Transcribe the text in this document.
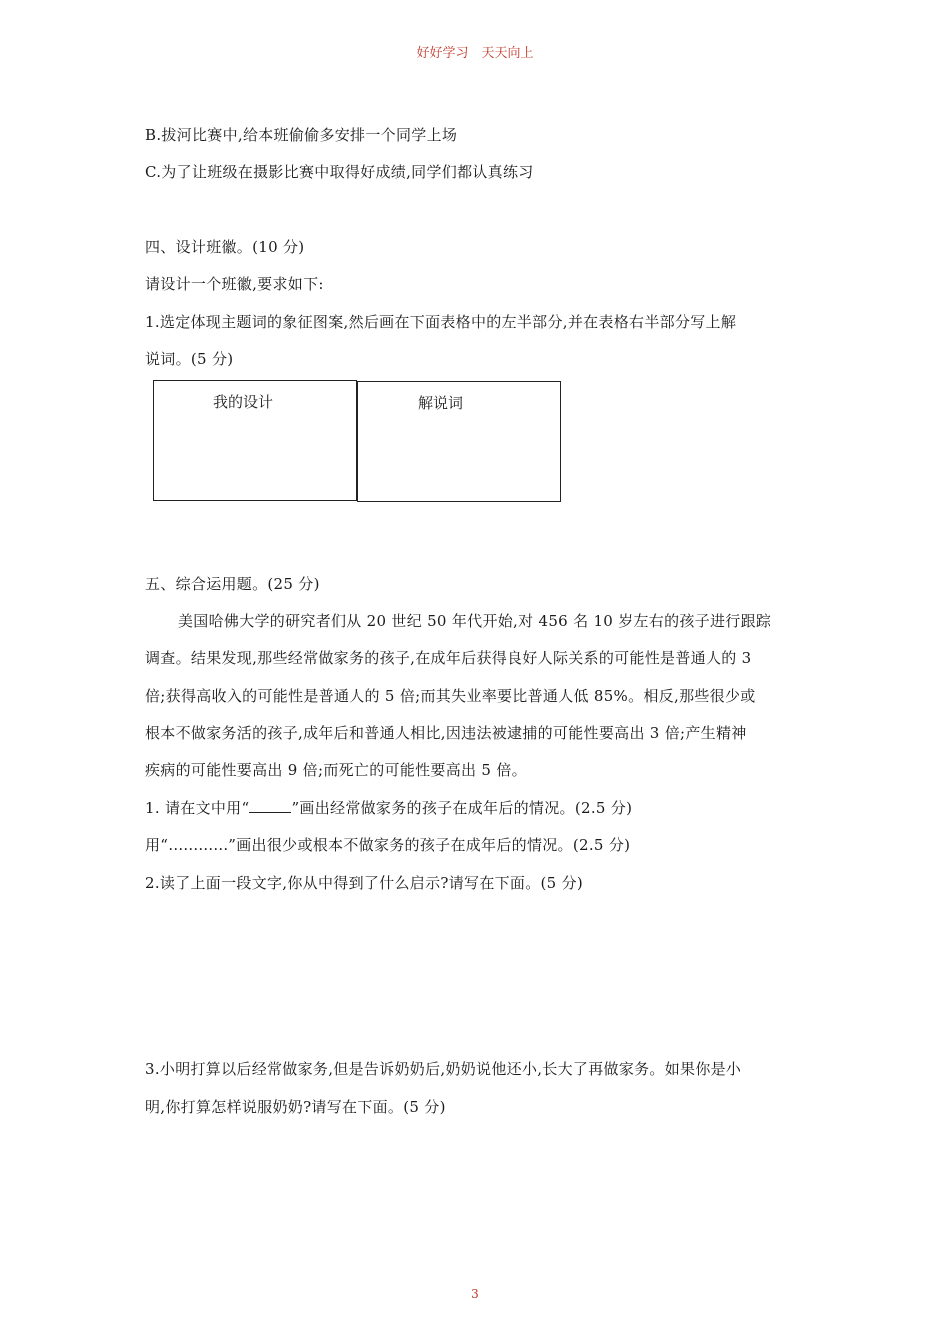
好好学习　天天向上
B.拔河比赛中,给本班偷偷多安排一个同学上场
C.为了让班级在摄影比赛中取得好成绩,同学们都认真练习
四、设计班徽。(10 分)
请设计一个班徽,要求如下:
1.选定体现主题词的象征图案,然后画在下面表格中的左半部分,并在表格右半部分写上解
说词。(5 分)
我的设计	解说词
五、综合运用题。(25 分)
美国哈佛大学的研究者们从 20 世纪 50 年代开始,对 456 名 10 岁左右的孩子进行跟踪
调查。结果发现,那些经常做家务的孩子,在成年后获得良好人际关系的可能性是普通人的 3
倍;获得高收入的可能性是普通人的 5 倍;而其失业率要比普通人低 85%。相反,那些很少或
根本不做家务活的孩子,成年后和普通人相比,因违法被逮捕的可能性要高出 3 倍;产生精神
疾病的可能性要高出 9 倍;而死亡的可能性要高出 5 倍。
1. 请在文中用“	”画出经常做家务的孩子在成年后的情况。(2.5 分)
用“…………”画出很少或根本不做家务的孩子在成年后的情况。(2.5 分)
2.读了上面一段文字,你从中得到了什么启示?请写在下面。(5 分)
3.小明打算以后经常做家务,但是告诉奶奶后,奶奶说他还小,长大了再做家务。如果你是小
明,你打算怎样说服奶奶?请写在下面。(5 分)
3
